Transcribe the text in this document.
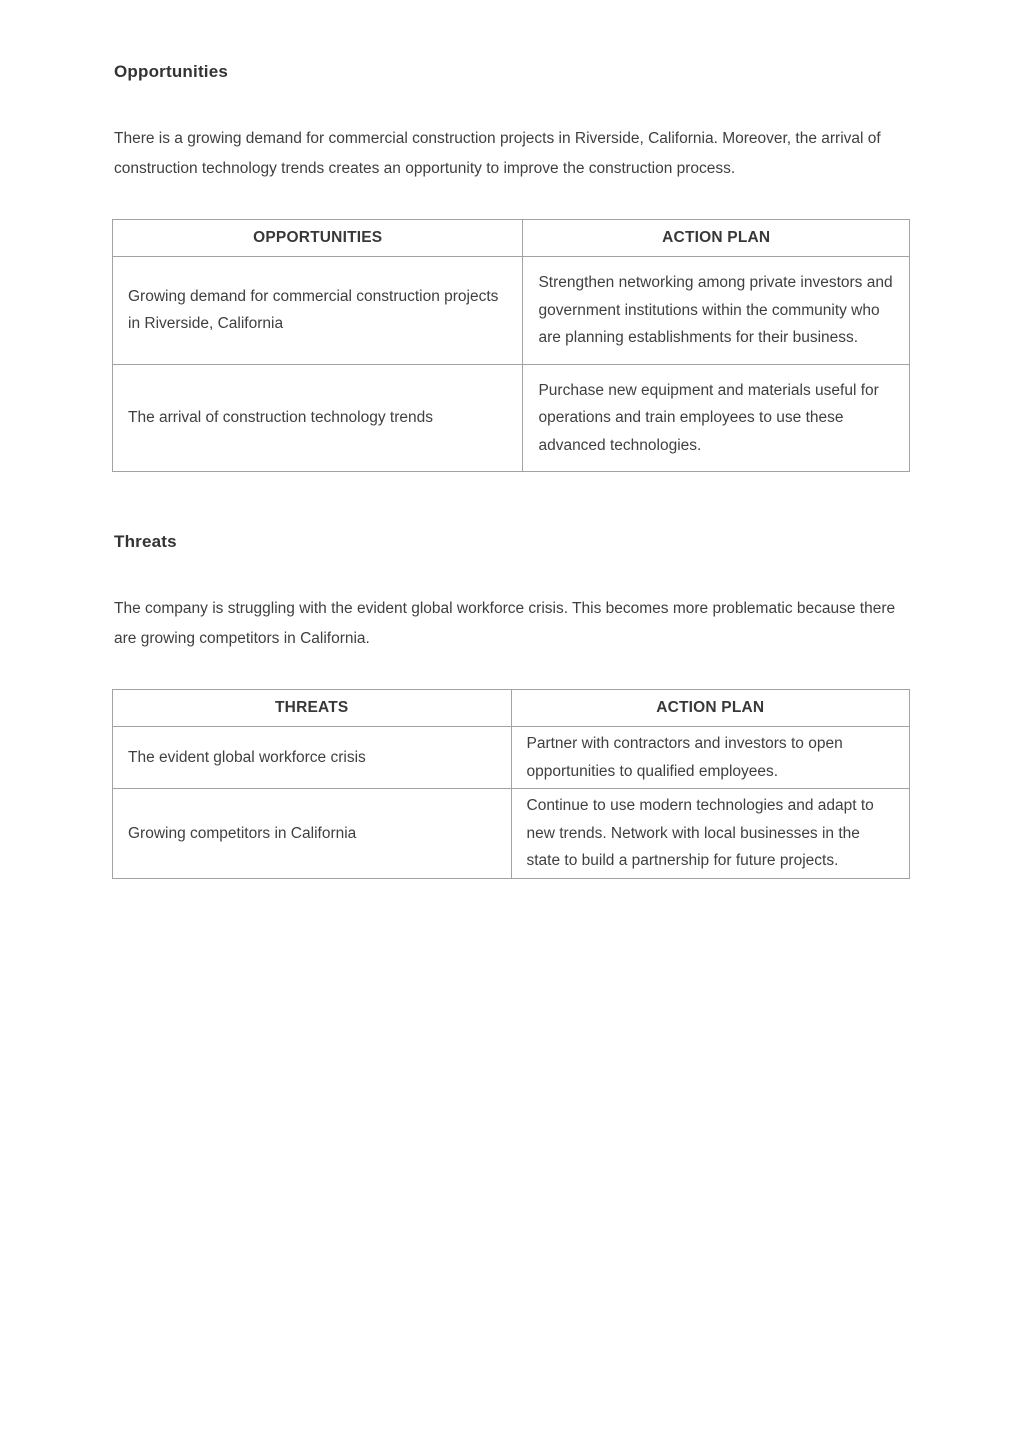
Opportunities

There is a growing demand for commercial construction projects in Riverside, California. Moreover, the arrival of construction technology trends creates an opportunity to improve the construction process.

OPPORTUNITIES	ACTION PLAN
Growing demand for commercial construction projects in Riverside, California	Strengthen networking among private investors and government institutions within the community who are planning establishments for their business.
The arrival of construction technology trends	Purchase new equipment and materials useful for operations and train employees to use these advanced technologies.
Threats

The company is struggling with the evident global workforce crisis. This becomes more problematic because there are growing competitors in California.

THREATS	ACTION PLAN
The evident global workforce crisis	Partner with contractors and investors to open opportunities to qualified employees.
Growing competitors in California	Continue to use modern technologies and adapt to new trends. Network with local businesses in the state to build a partnership for future projects.
